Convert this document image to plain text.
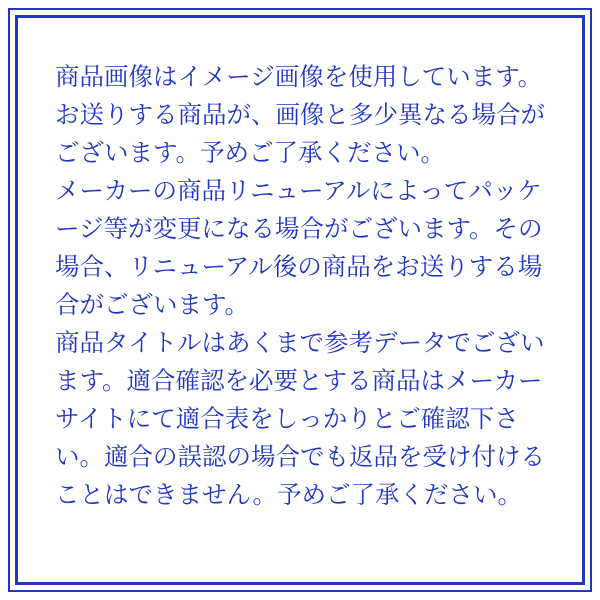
商品画像はイメージ画像を使用しています。お送りする商品が、画像と多少異なる場合がございます。予めご了承ください。

メーカーの商品リニューアルによってパッケージ等が変更になる場合がございます。その場合、リニューアル後の商品をお送りする場合がございます。

商品タイトルはあくまで参考データでございます。適合確認を必要とする商品はメーカーサイトにて適合表をしっかりとご確認下さい。適合の誤認の場合でも返品を受け付けることはできません。予めご了承ください。
